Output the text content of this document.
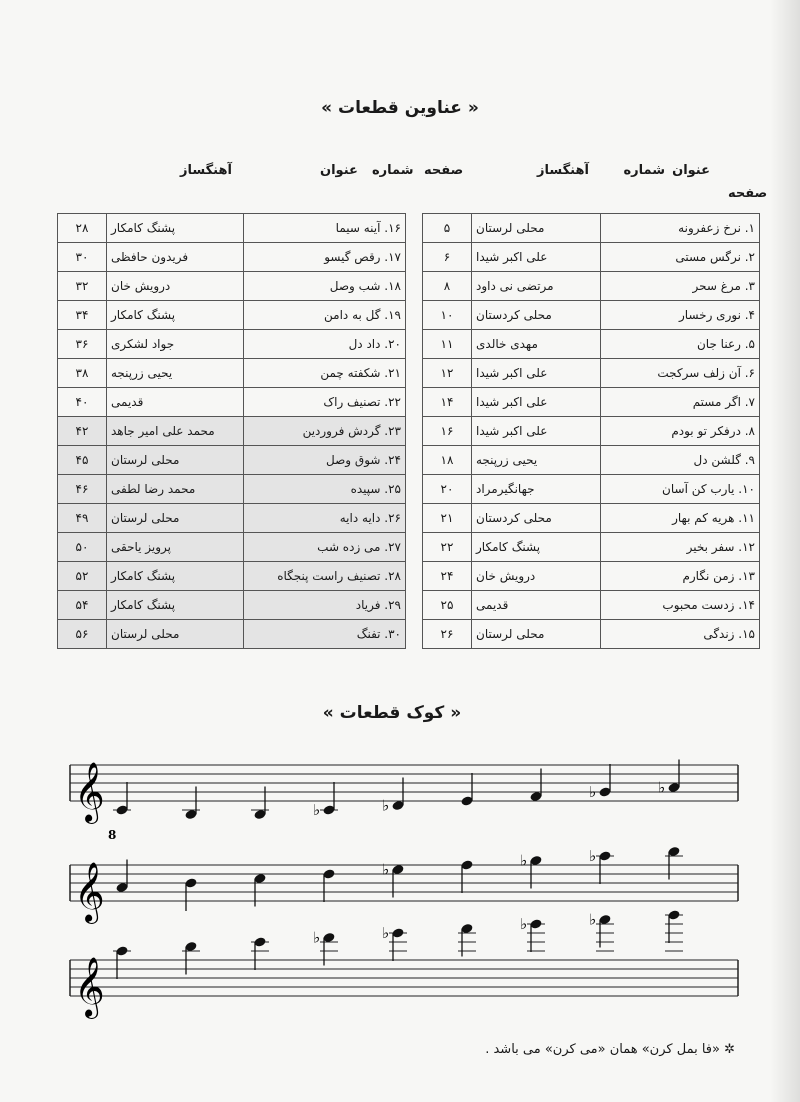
« عناوین قطعات »
شماره عنوان
آهنگساز
صفحه
صفحه
شماره
عنوان
آهنگساز
۱. نرخ زعفرونه	محلی لرستان	۵
۲. نرگس مستی	علی اکبر شیدا	۶
۳. مرغ سحر	مرتضی نی داود	۸
۴. نوری رخسار	محلی کردستان	۱۰
۵. رعنا جان	مهدی خالدی	۱۱
۶. آن زلف سرکجت	علی اکبر شیدا	۱۲
۷. اگر مستم	علی اکبر شیدا	۱۴
۸. درفکر تو بودم	علی اکبر شیدا	۱۶
۹. گلشن دل	یحیی زرپنجه	۱۸
۱۰. یارب کن آسان	جهانگیرمراد	۲۰
۱۱. هریه کم بهار	محلی کردستان	۲۱
۱۲. سفر بخیر	پشنگ کامکار	۲۲
۱۳. زمن نگارم	درویش خان	۲۴
۱۴. زدست محبوب	قدیمی	۲۵
۱۵. زندگی	محلی لرستان	۲۶
۱۶. آینه سیما	پشنگ کامکار	۲۸
۱۷. رقص گیسو	فریدون حافظی	۳۰
۱۸. شب وصل	درویش خان	۳۲
۱۹. گل به دامن	پشنگ کامکار	۳۴
۲۰. داد دل	جواد لشکری	۳۶
۲۱. شکفته چمن	یحیی زرپنجه	۳۸
۲۲. تصنیف راک	قدیمی	۴۰
۲۳. گردش فروردین	محمد علی امیر جاهد	۴۲
۲۴. شوق وصل	محلی لرستان	۴۵
۲۵. سپیده	محمد رضا لطفی	۴۶
۲۶. دایه دایه	محلی لرستان	۴۹
۲۷. می زده شب	پرویز یاحقی	۵۰
۲۸. تصنیف راست پنجگاه	پشنگ کامکار	۵۲
۲۹. فریاد	پشنگ کامکار	۵۴
۳۰. تفنگ	محلی لرستان	۵۶
« کوک قطعات »
𝄞
8
♭	♭
♭	♭
𝄞	♭	♭	♭
𝄞
♭	♭	♭	♭
✲ «فا بمل کرن» همان «می کرن» می باشد .
